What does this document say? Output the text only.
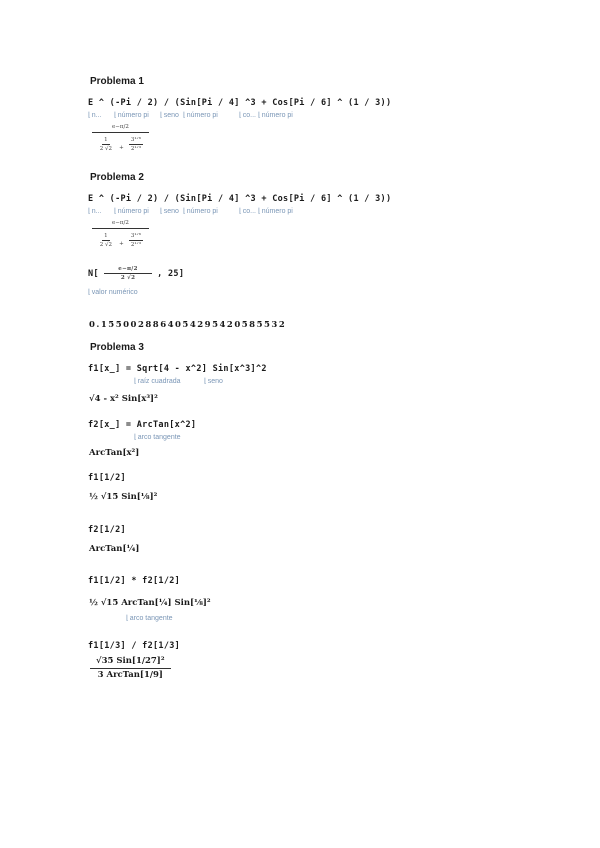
Problema 1
E ^ (-Pi / 2) / (Sin[Pi / 4] ^3 + Cos[Pi / 6] ^ (1 / 3))
⌊ n...	⌊ número pi	⌊ seno	⌊ número pi	⌊ co... ⌊ número pi
$\frac{e-\pi/2}{\frac{1}{2 √2} + \frac{\text{3¹ᐟ⁶}}{\text{2¹ᐟ³}}}$
Problema 2
E ^ (-Pi / 2) / (Sin[Pi / 4] ^3 + Cos[Pi / 6] ^ (1 / 3))
⌊ n...	⌊ número pi	⌊ seno	⌊ número pi	⌊ co... ⌊ número pi
$\frac{e-\pi/2}{\frac{1}{2 √2} + \frac{\text{3¹ᐟ⁶}}{\text{2¹ᐟ³}}}$
$N[ \frac{e-\pi/2}{2 √2}$ , 25]
⌊ valor numérico
0.1550028864054295420585532
Problema 3
f1[x_] = Sqrt[4 - x^2] Sin[x^3]^2
⌊ raíz cuadrada	⌊ seno
√4 - x² Sin[x³]²
f2[x_] = ArcTan[x^2]
⌊ arco tangente
ArcTan[x²]
f1[1/2]
½ √15 Sin[⅛]²
f2[1/2]
ArcTan[¼]
f1[1/2] * f2[1/2]
½ √15 ArcTan[¼] Sin[⅛]²
⌊ arco tangente
f1[1/3] / f2[1/3]
$\frac{\text{√35 Sin[1/27]²}}{\text{3 ArcTan[1/9]}}$
